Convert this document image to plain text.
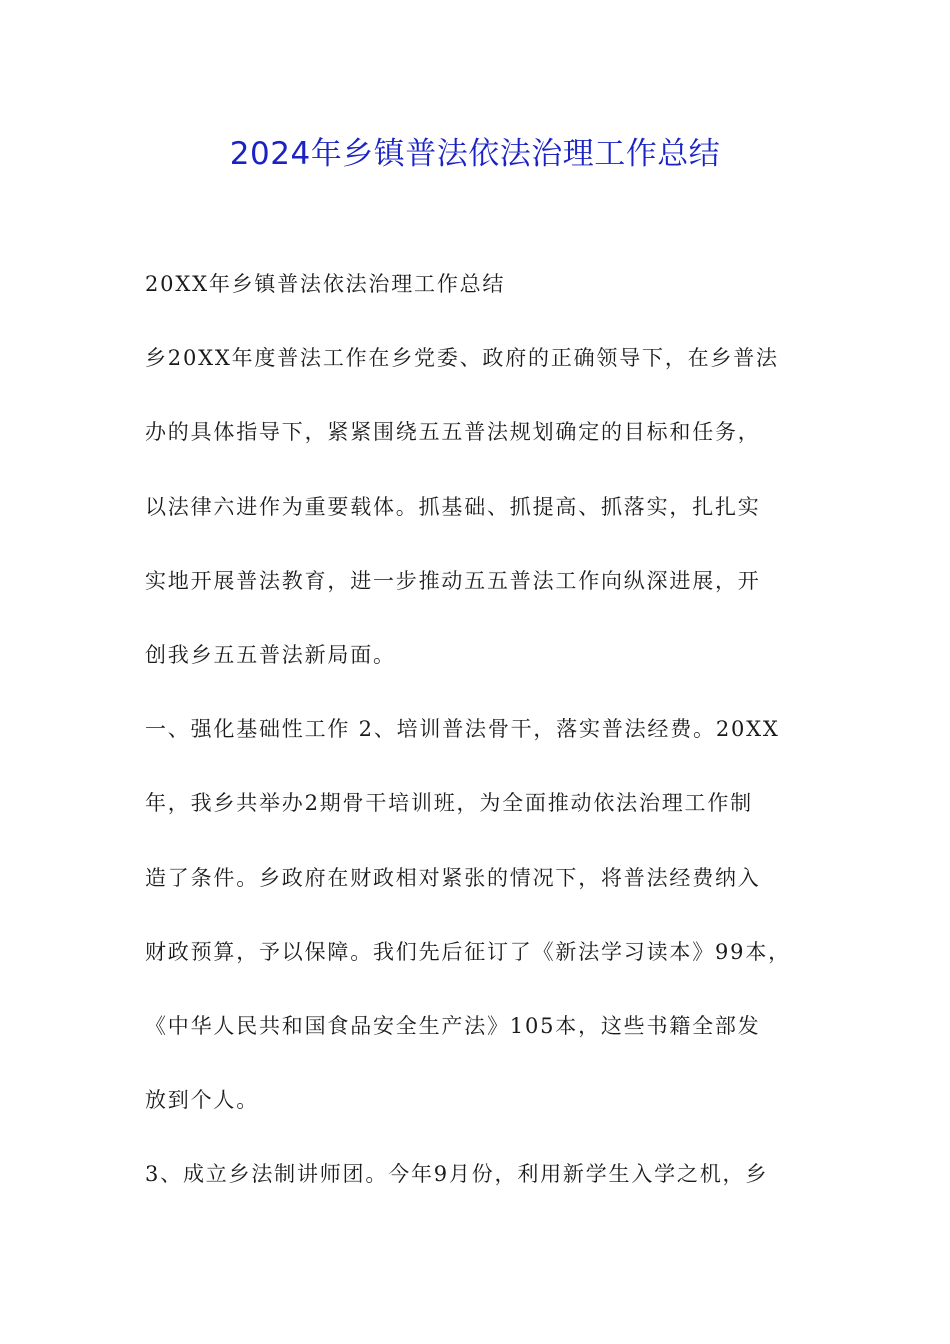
2024年乡镇普法依法治理工作总结
20XX年乡镇普法依法治理工作总结
乡20XX年度普法工作在乡党委、政府的正确领导下，在乡普法
办的具体指导下，紧紧围绕五五普法规划确定的目标和任务，
以法律六进作为重要载体。抓基础、抓提高、抓落实，扎扎实
实地开展普法教育，进一步推动五五普法工作向纵深进展，开
创我乡五五普法新局面。
一、强化基础性工作 2、培训普法骨干，落实普法经费。20XX
年，我乡共举办2期骨干培训班，为全面推动依法治理工作制
造了条件。乡政府在财政相对紧张的情况下，将普法经费纳入
财政预算，予以保障。我们先后征订了《新法学习读本》99本，
《中华人民共和国食品安全生产法》105本，这些书籍全部发
放到个人。
3、成立乡法制讲师团。今年9月份，利用新学生入学之机，乡
